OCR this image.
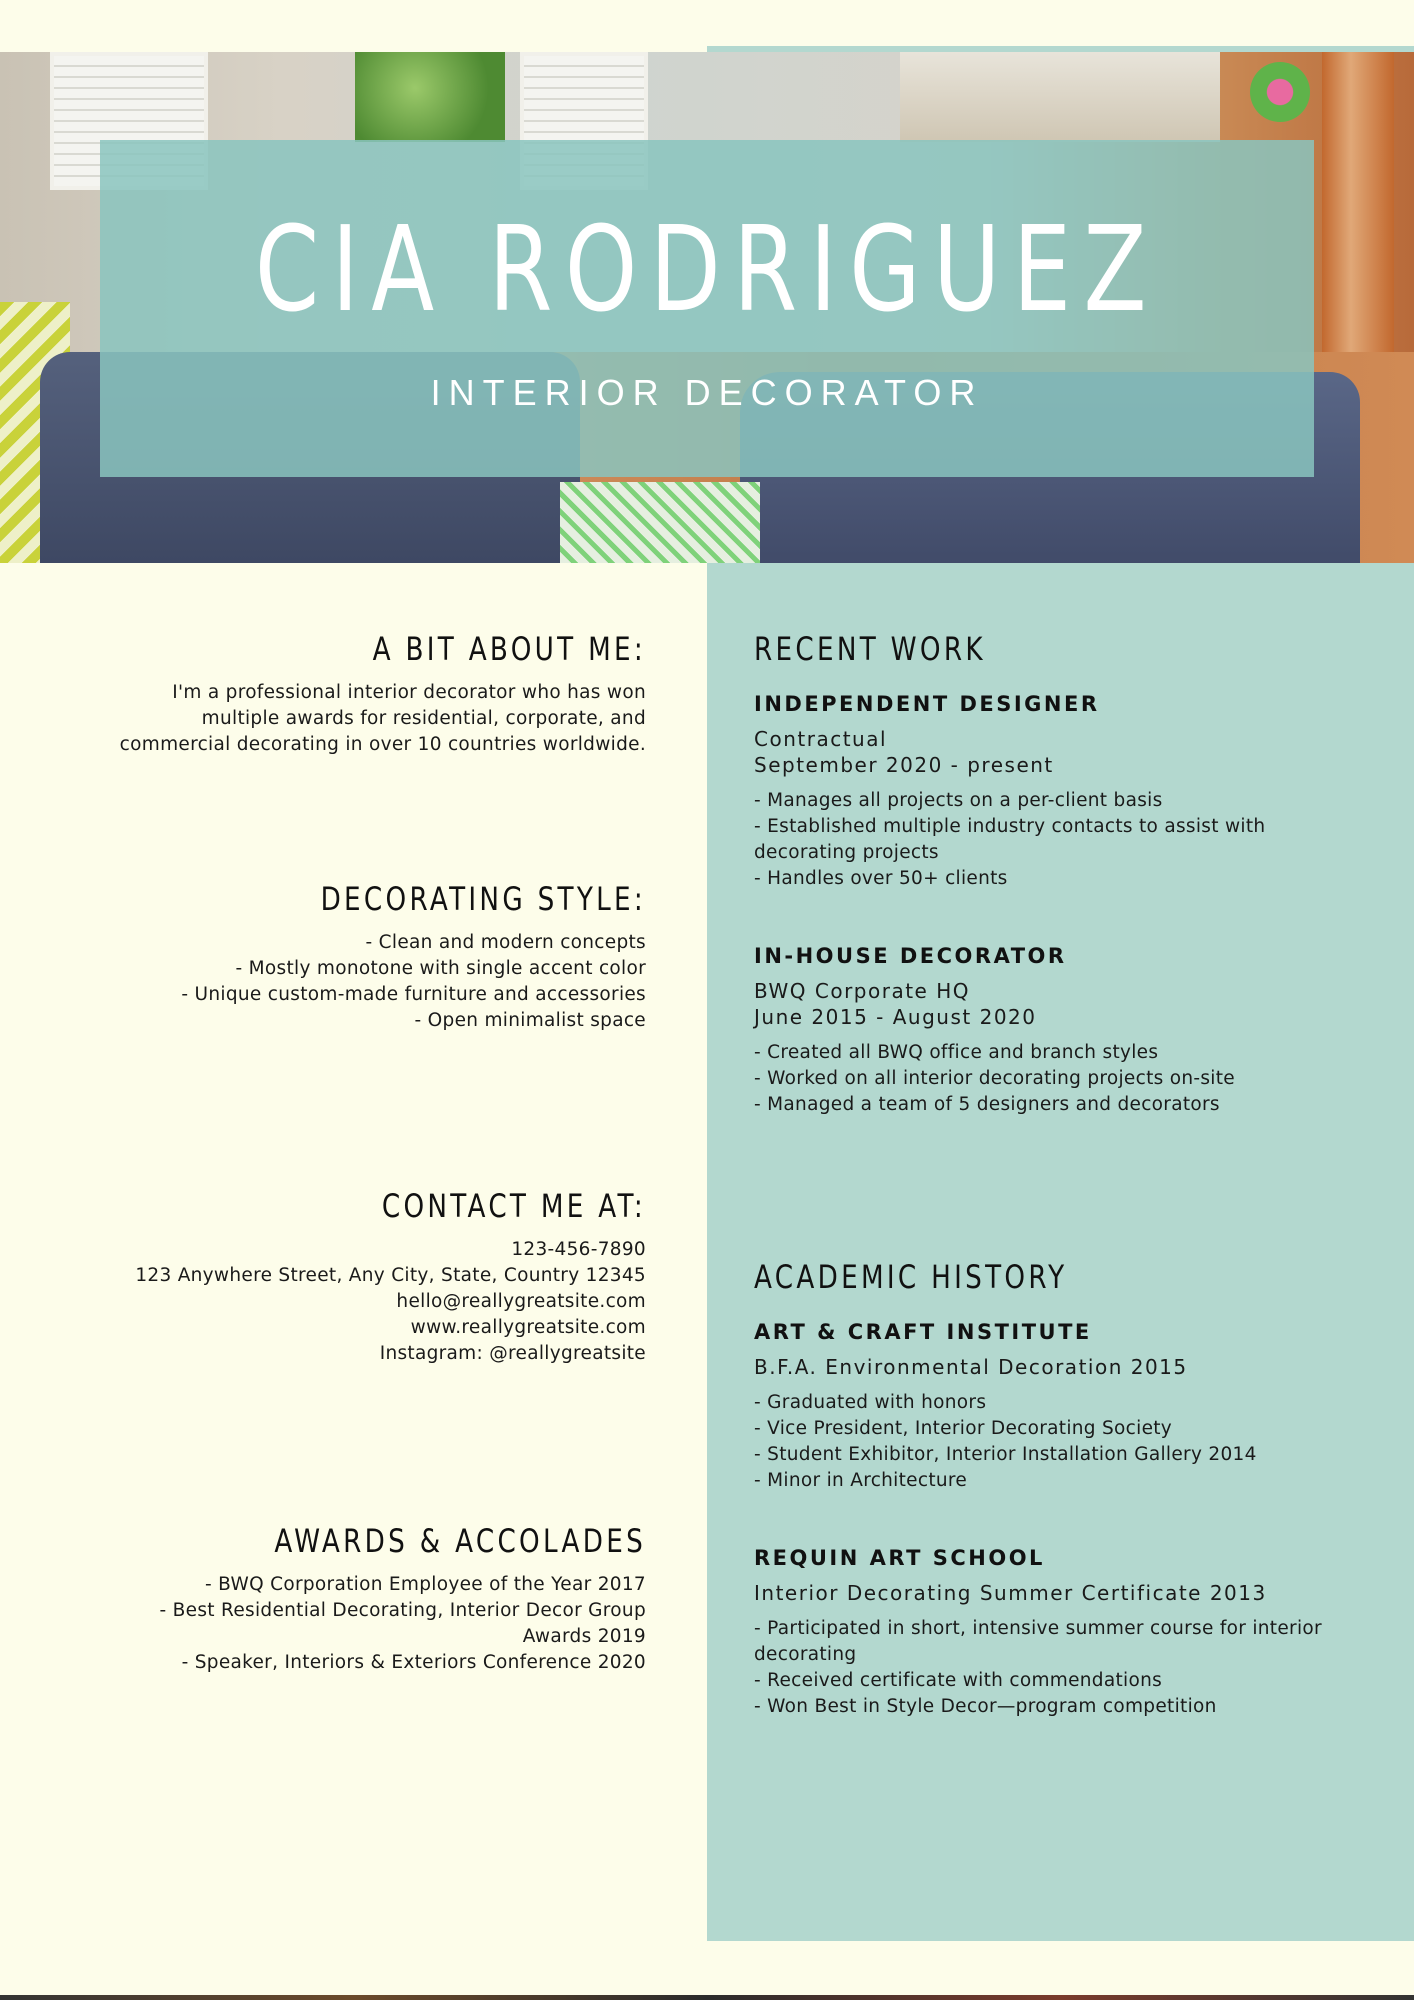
CIA RODRIGUEZ
INTERIOR DECORATOR
A BIT ABOUT ME:
I'm a professional interior decorator who has won
multiple awards for residential, corporate, and
commercial decorating in over 10 countries worldwide.
DECORATING STYLE:
- Clean and modern concepts
- Mostly monotone with single accent color
- Unique custom-made furniture and accessories
- Open minimalist space
CONTACT ME AT:
123-456-7890
123 Anywhere Street, Any City, State, Country 12345
hello@reallygreatsite.com
www.reallygreatsite.com
Instagram: @reallygreatsite
AWARDS & ACCOLADES
- BWQ Corporation Employee of the Year 2017
- Best Residential Decorating, Interior Decor Group
Awards 2019
- Speaker, Interiors & Exteriors Conference 2020
RECENT WORK
INDEPENDENT DESIGNER
Contractual
September 2020 - present
- Manages all projects on a per-client basis
- Established multiple industry contacts to assist with
decorating projects
- Handles over 50+ clients
IN-HOUSE DECORATOR
BWQ Corporate HQ
June 2015 - August 2020
- Created all BWQ office and branch styles
- Worked on all interior decorating projects on-site
- Managed a team of 5 designers and decorators
ACADEMIC HISTORY
ART & CRAFT INSTITUTE
B.F.A. Environmental Decoration 2015
- Graduated with honors
- Vice President, Interior Decorating Society
- Student Exhibitor, Interior Installation Gallery 2014
- Minor in Architecture
REQUIN ART SCHOOL
Interior Decorating Summer Certificate 2013
- Participated in short, intensive summer course for interior
decorating
- Received certificate with commendations
- Won Best in Style Decor—program competition
